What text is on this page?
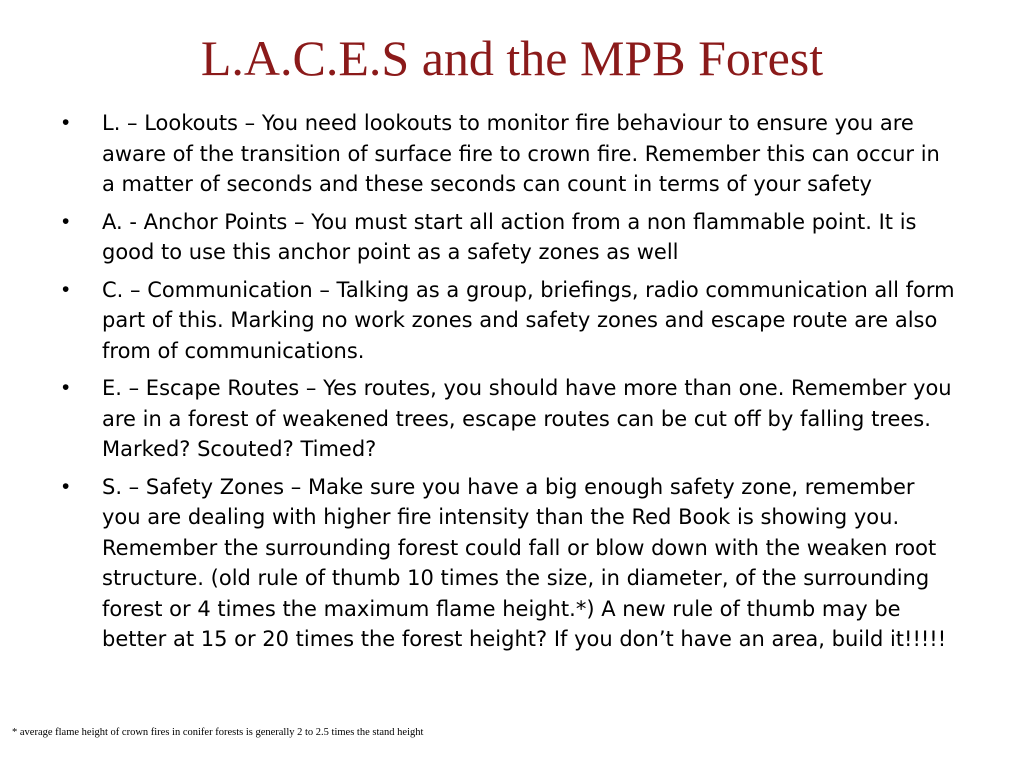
L.A.C.E.S and the MPB Forest
• L. – Lookouts – You need lookouts to monitor fire behaviour to ensure you are aware of the transition of surface fire to crown fire. Remember this can occur in a matter of seconds and these seconds can count in terms of your safety
• A. - Anchor Points – You must start all action from a non flammable point. It is good to use this anchor point as a safety zones as well
• C. – Communication – Talking as a group, briefings, radio communication all form part of this. Marking no work zones and safety zones and escape route are also from of communications.
• E. – Escape Routes – Yes routes, you should have more than one. Remember you are in a forest of weakened trees, escape routes can be cut off by falling trees. Marked? Scouted? Timed?
• S. – Safety Zones – Make sure you have a big enough safety zone, remember you are dealing with higher fire intensity than the Red Book is showing you. Remember the surrounding forest could fall or blow down with the weaken root structure. (old rule of thumb 10 times the size, in diameter, of the surrounding forest or 4 times the maximum flame height.*) A new rule of thumb may be better at 15 or 20 times the forest height? If you don’t have an area, build it!!!!!

* average flame height of crown fires in conifer forests is generally 2 to 2.5 times the stand height
